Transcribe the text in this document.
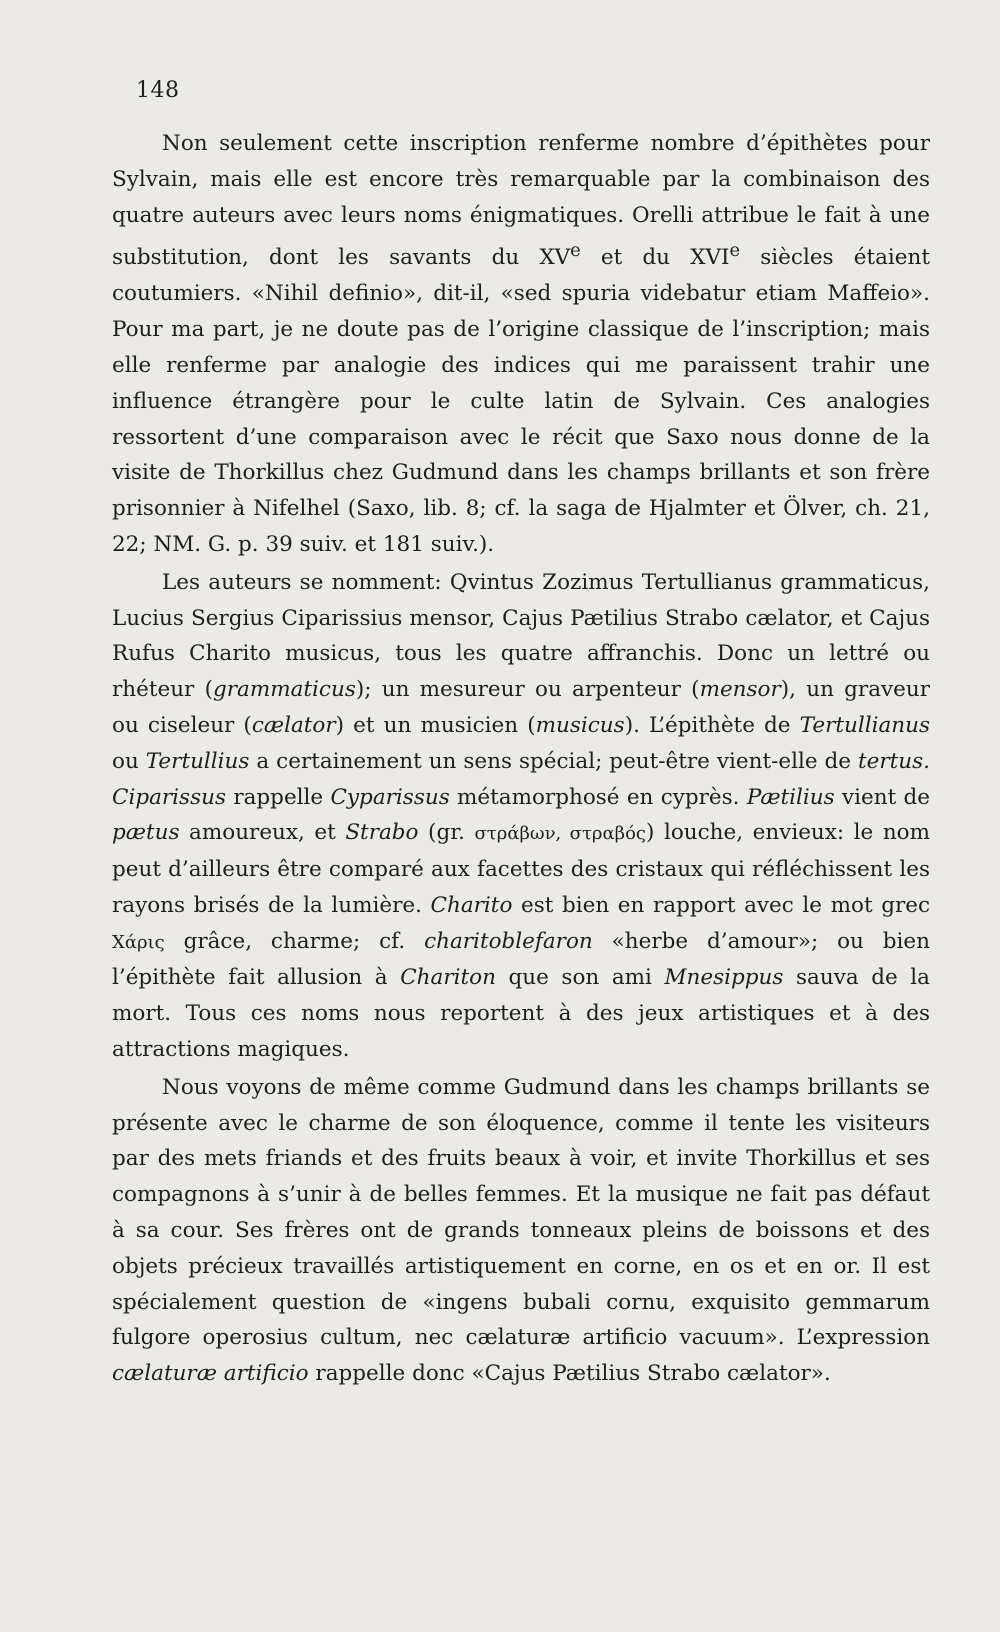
148

Non seulement cette inscription renferme nombre d’épithètes pour Sylvain, mais elle est encore très remarquable par la combinaison des quatre auteurs avec leurs noms énigmatiques. Orelli attribue le fait à une substitution, dont les savants du XVe et du XVIe siècles étaient coutumiers. «Nihil definio», dit-il, «sed spuria videbatur etiam Maffeio». Pour ma part, je ne doute pas de l’origine classique de l’inscription; mais elle renferme par analogie des indices qui me paraissent trahir une influence étrangère pour le culte latin de Sylvain. Ces analogies ressortent d’une comparaison avec le récit que Saxo nous donne de la visite de Thorkillus chez Gudmund dans les champs brillants et son frère prisonnier à Nifelhel (Saxo, lib. 8; cf. la saga de Hjalmter et Ölver, ch. 21, 22; NM. G. p. 39 suiv. et 181 suiv.).

Les auteurs se nomment: Qvintus Zozimus Tertullianus grammaticus, Lucius Sergius Ciparissius mensor, Cajus Pætilius Strabo cælator, et Cajus Rufus Charito musicus, tous les quatre affranchis. Donc un lettré ou rhéteur (grammaticus); un mesureur ou arpenteur (mensor), un graveur ou ciseleur (cælator) et un musicien (musicus). L’épithète de Tertullianus ou Tertullius a certainement un sens spécial; peut-être vient-elle de tertus. Ciparissus rappelle Cyparissus métamorphosé en cyprès. Pætilius vient de pætus amoureux, et Strabo (gr. στράβων, στραβός) louche, envieux: le nom peut d’ailleurs être comparé aux facettes des cristaux qui réfléchissent les rayons brisés de la lumière. Charito est bien en rapport avec le mot grec Χάρις grâce, charme; cf. charitoblefaron «herbe d’amour»; ou bien l’épithète fait allusion à Chariton que son ami Mnesippus sauva de la mort. Tous ces noms nous reportent à des jeux artistiques et à des attractions magiques.

Nous voyons de même comme Gudmund dans les champs brillants se présente avec le charme de son éloquence, comme il tente les visiteurs par des mets friands et des fruits beaux à voir, et invite Thorkillus et ses compagnons à s’unir à de belles femmes. Et la musique ne fait pas défaut à sa cour. Ses frères ont de grands tonneaux pleins de boissons et des objets précieux travaillés artistiquement en corne, en os et en or. Il est spécialement question de «ingens bubali cornu, exquisito gemmarum fulgore operosius cultum, nec cælaturæ artificio vacuum». L’expression cælaturæ artificio rappelle donc «Cajus Pætilius Strabo cælator».
